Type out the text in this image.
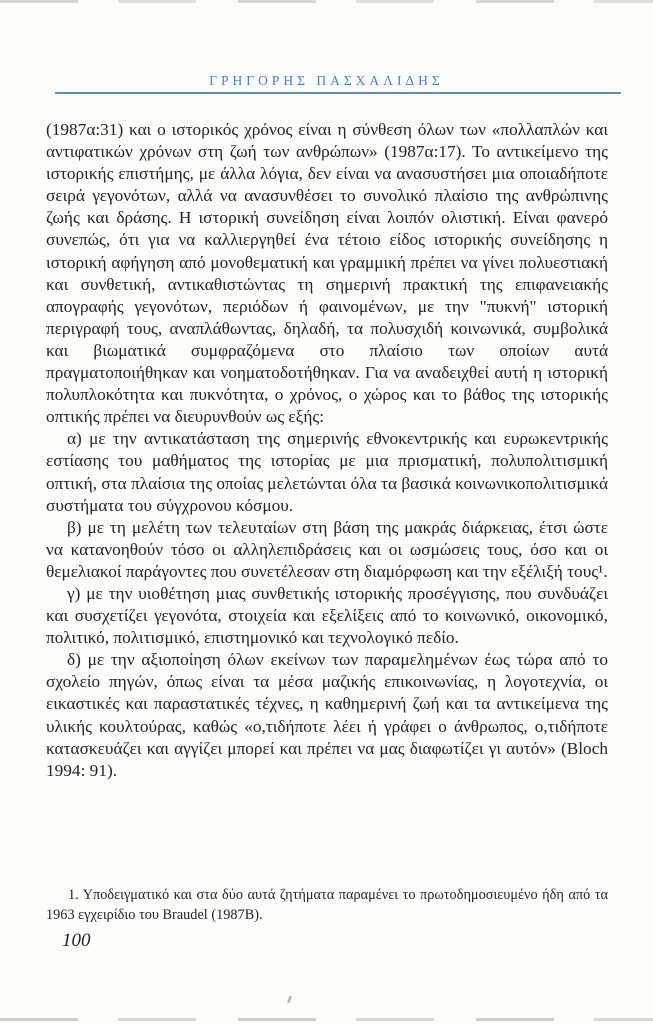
ΓΡΗΓΟΡΗΣ ΠΑΣΧΑΛΙΔΗΣ

(1987α:31) και ο ιστορικός χρόνος είναι η σύνθεση όλων των «πολλαπλών και αντιφατικών χρόνων στη ζωή των ανθρώπων» (1987α:17). Το αντικείμενο της ιστορικής επιστήμης, με άλλα λόγια, δεν είναι να ανασυστήσει μια οποιαδήποτε σειρά γεγονότων, αλλά να ανασυνθέσει το συνολικό πλαίσιο της ανθρώπινης ζωής και δράσης. Η ιστορική συνείδηση είναι λοιπόν ολιστική. Είναι φανερό συνεπώς, ότι για να καλλιεργηθεί ένα τέτοιο είδος ιστορικής συνείδησης η ιστορική αφήγηση από μονοθεματική και γραμμική πρέπει να γίνει πολυεστιακή και συνθετική, αντικαθιστώντας τη σημερινή πρακτική της επιφανειακής απογραφής γεγονότων, περιόδων ή φαινομένων, με την "πυκνή" ιστορική περιγραφή τους, αναπλάθωντας, δηλαδή, τα πολυσχιδή κοινωνικά, συμβολικά και βιωματικά συμφραζόμενα στο πλαίσιο των οποίων αυτά πραγματοποιήθηκαν και νοηματοδοτήθηκαν. Για να αναδειχθεί αυτή η ιστορική πολυπλοκότητα και πυκνότητα, ο χρόνος, ο χώρος και το βάθος της ιστορικής οπτικής πρέπει να διευρυνθούν ως εξής:

α) με την αντικατάσταση της σημερινής εθνοκεντρικής και ευρωκεντρικής εστίασης του μαθήματος της ιστορίας με μια πρισματική, πολυπολιτισμική οπτική, στα πλαίσια της οποίας μελετώνται όλα τα βασικά κοινωνικοπολιτισμικά συστήματα του σύγχρονου κόσμου.

β) με τη μελέτη των τελευταίων στη βάση της μακράς διάρκειας, έτσι ώστε να κατανοηθούν τόσο οι αλληλεπιδράσεις και οι ωσμώσεις τους, όσο και οι θεμελιακοί παράγοντες που συνετέλεσαν στη διαμόρφωση και την εξέλιξή τους¹.

γ) με την υιοθέτηση μιας συνθετικής ιστορικής προσέγγισης, που συνδυάζει και συσχετίζει γεγονότα, στοιχεία και εξελίξεις από το κοινωνικό, οικονομικό, πολιτικό, πολιτισμικό, επιστημονικό και τεχνολογικό πεδίο.

δ) με την αξιοποίηση όλων εκείνων των παραμελημένων έως τώρα από το σχολείο πηγών, όπως είναι τα μέσα μαζικής επικοινωνίας, η λογοτεχνία, οι εικαστικές και παραστατικές τέχνες, η καθημερινή ζωή και τα αντικείμενα της υλικής κουλτούρας, καθώς «ο,τιδήποτε λέει ή γράφει ο άνθρωπος, ο,τιδήποτε κατασκευάζει και αγγίζει μπορεί και πρέπει να μας διαφωτίζει γι αυτόν» (Bloch 1994: 91).

1. Υποδειγματικό και στα δύο αυτά ζητήματα παραμένει το πρωτοδημοσιευμένο ήδη από τα 1963 εγχειρίδιο του Braudel (1987Β).
100
